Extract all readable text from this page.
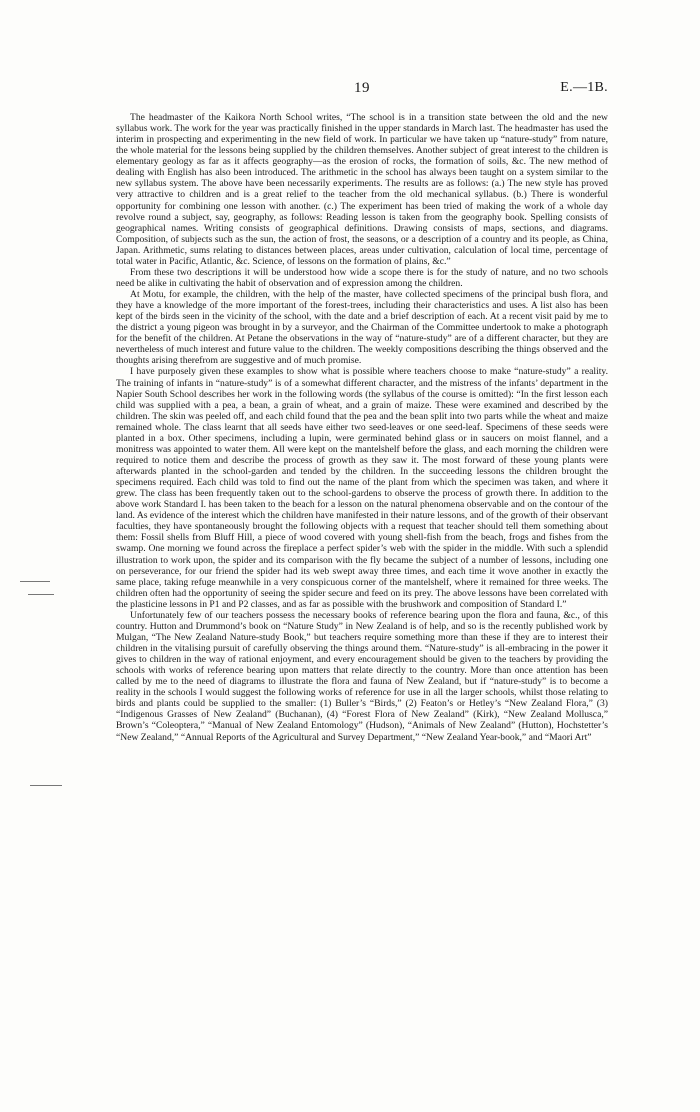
19	E.—1B.

The headmaster of the Kaikora North School writes, “The school is in a transition state between the old and the new syllabus work. The work for the year was practically finished in the upper standards in March last. The headmaster has used the interim in prospecting and experimenting in the new field of work. In particular we have taken up “nature-study” from nature, the whole material for the lessons being supplied by the children themselves. Another subject of great interest to the children is elementary geology as far as it affects geography—as the erosion of rocks, the formation of soils, &c. The new method of dealing with English has also been introduced. The arithmetic in the school has always been taught on a system similar to the new syllabus system. The above have been necessarily experiments. The results are as follows: (a.) The new style has proved very attractive to children and is a great relief to the teacher from the old mechanical syllabus. (b.) There is wonderful opportunity for combining one lesson with another. (c.) The experiment has been tried of making the work of a whole day revolve round a subject, say, geography, as follows: Reading lesson is taken from the geography book. Spelling consists of geographical names. Writing consists of geographical definitions. Drawing consists of maps, sections, and diagrams. Composition, of subjects such as the sun, the action of frost, the seasons, or a description of a country and its people, as China, Japan. Arithmetic, sums relating to distances between places, areas under cultivation, calculation of local time, percentage of total water in Pacific, Atlantic, &c. Science, of lessons on the formation of plains, &c.”

From these two descriptions it will be understood how wide a scope there is for the study of nature, and no two schools need be alike in cultivating the habit of observation and of expression among the children.

At Motu, for example, the children, with the help of the master, have collected specimens of the principal bush flora, and they have a knowledge of the more important of the forest-trees, including their characteristics and uses. A list also has been kept of the birds seen in the vicinity of the school, with the date and a brief description of each. At a recent visit paid by me to the district a young pigeon was brought in by a surveyor, and the Chairman of the Committee undertook to make a photograph for the benefit of the children. At Petane the observations in the way of “nature-study” are of a different character, but they are nevertheless of much interest and future value to the children. The weekly compositions describing the things observed and the thoughts arising therefrom are suggestive and of much promise.

I have purposely given these examples to show what is possible where teachers choose to make “nature-study” a reality. The training of infants in “nature-study” is of a somewhat different character, and the mistress of the infants’ department in the Napier South School describes her work in the following words (the syllabus of the course is omitted): “In the first lesson each child was supplied with a pea, a bean, a grain of wheat, and a grain of maize. These were examined and described by the children. The skin was peeled off, and each child found that the pea and the bean split into two parts while the wheat and maize remained whole. The class learnt that all seeds have either two seed-leaves or one seed-leaf. Specimens of these seeds were planted in a box. Other specimens, including a lupin, were germinated behind glass or in saucers on moist flannel, and a monitress was appointed to water them. All were kept on the mantelshelf before the glass, and each morning the children were required to notice them and describe the process of growth as they saw it. The most forward of these young plants were afterwards planted in the school-garden and tended by the children. In the succeeding lessons the children brought the specimens required. Each child was told to find out the name of the plant from which the specimen was taken, and where it grew. The class has been frequently taken out to the school-gardens to observe the process of growth there. In addition to the above work Standard I. has been taken to the beach for a lesson on the natural phenomena observable and on the contour of the land. As evidence of the interest which the children have manifested in their nature lessons, and of the growth of their observant faculties, they have spontaneously brought the following objects with a request that teacher should tell them something about them: Fossil shells from Bluff Hill, a piece of wood covered with young shell-fish from the beach, frogs and fishes from the swamp. One morning we found across the fireplace a perfect spider’s web with the spider in the middle. With such a splendid illustration to work upon, the spider and its comparison with the fly became the subject of a number of lessons, including one on perseverance, for our friend the spider had its web swept away three times, and each time it wove another in exactly the same place, taking refuge meanwhile in a very conspicuous corner of the mantelshelf, where it remained for three weeks. The children often had the opportunity of seeing the spider secure and feed on its prey. The above lessons have been correlated with the plasticine lessons in P1 and P2 classes, and as far as possible with the brushwork and composition of Standard I.”

Unfortunately few of our teachers possess the necessary books of reference bearing upon the flora and fauna, &c., of this country. Hutton and Drummond’s book on “Nature Study” in New Zealand is of help, and so is the recently published work by Mulgan, “The New Zealand Nature-study Book,” but teachers require something more than these if they are to interest their children in the vitalising pursuit of carefully observing the things around them. “Nature-study” is all-embracing in the power it gives to children in the way of rational enjoyment, and every encouragement should be given to the teachers by providing the schools with works of reference bearing upon matters that relate directly to the country. More than once attention has been called by me to the need of diagrams to illustrate the flora and fauna of New Zealand, but if “nature-study” is to become a reality in the schools I would suggest the following works of reference for use in all the larger schools, whilst those relating to birds and plants could be supplied to the smaller: (1) Buller’s “Birds,” (2) Featon’s or Hetley’s “New Zealand Flora,” (3) “Indigenous Grasses of New Zealand” (Buchanan), (4) “Forest Flora of New Zealand” (Kirk), “New Zealand Mollusca,” Brown’s “Coleoptera,” “Manual of New Zealand Entomology” (Hudson), “Animals of New Zealand” (Hutton), Hochstetter’s “New Zealand,” “Annual Reports of the Agricultural and Survey Department,” “New Zealand Year-book,” and “Maori Art”
